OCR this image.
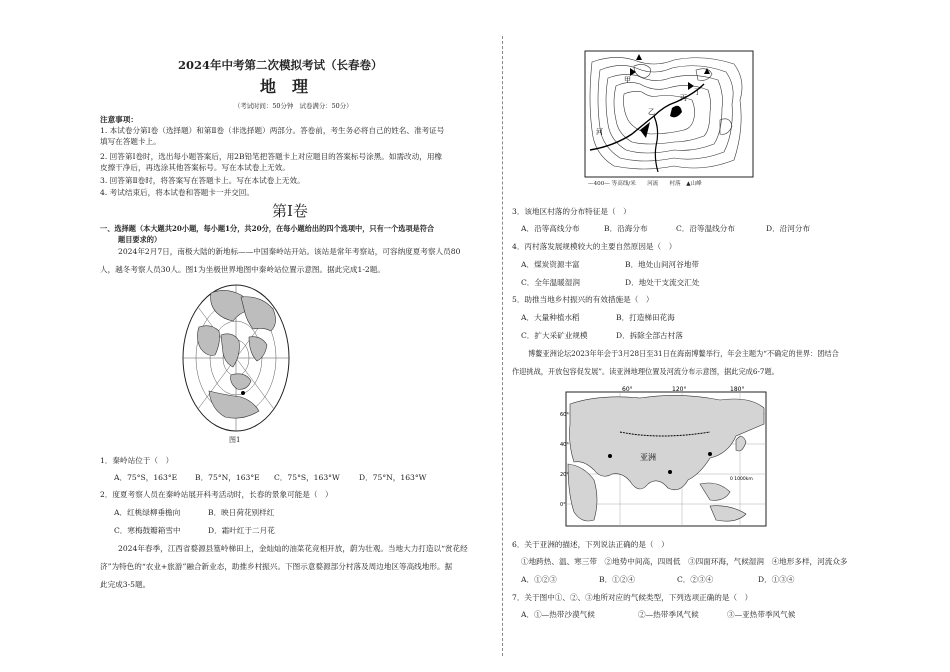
2024年中考第二次模拟考试（长春卷）
地　理
（考试时间：50分钟　试卷满分：50分）
注意事项：
1. 本试卷分第Ⅰ卷（选择题）和第Ⅱ卷（非选择题）两部分。答卷前，考生务必将自己的姓名、准考证号
填写在答题卡上。
2. 回答第Ⅰ卷时，选出每小题答案后，用2B铅笔把答题卡上对应题目的答案标号涂黑。如需改动，用橡
皮擦干净后，再选涂其他答案标号。写在本试卷上无效。
3. 回答第Ⅱ卷时，将答案写在答题卡上。写在本试卷上无效。
4. 考试结束后，将本试卷和答题卡一并交回。
第Ⅰ卷
一、选择题（本大题共20小题，每小题1分，共20分，在每小题给出的四个选项中，只有一个选项是符合
题目要求的）
2024年2月7日，南极大陆的新地标——中国秦岭站开站。该站是常年考察站，可容纳度夏考察人员80
人，越冬考察人员30人。图1为坐极世界地图中秦岭站位置示意图。据此完成1-2题。
图1
1．秦岭站位于（　）
A．75°S，163°E B．75°N，163°E C．75°S，163°W	D．75°N，163°W
2．度夏考察人员在秦岭站展开科考活动时，长春的景象可能是（　）
A．红桃绿柳垂檐向	B．映日荷花别样红
C．寒梅鼓瓣箱雪中	D．霜叶红于二月花
2024年春季，江西省婺源县篁岭梯田上，金灿灿的油菜花竞相开放，蔚为壮观。当地大力打造以“赏花经
济”为特色的“农业+旅游”融合新业态，助推乡村振兴。下图示意婺源部分村落及周边地区等高线地形。据
此完成3-5题。
甲
乙
丙
丁
河
—400— 等高线/米　　河流　　村落　▲山峰
3．该地区村落的分布特征是（　）
A．沿等高线分布	B．沿海分布	C．沿等温线分布	D．沿河分布
4．丙村落发展规模较大的主要自然原因是（　）
A．煤炭资源丰富	B．地处山间河谷地带
C．全年温暖湿润	D．地处干支流交汇处
5．助推当地乡村振兴的有效措施是（　）
A．大量种植水稻	B．打造梯田花海
C．扩大采矿业规模	D．拆除全部古村落
博鳌亚洲论坛2023年年会于3月28日至31日在海南博鳌举行，年会主题为“不确定的世界：团结合
作迎挑战，开放包容促发展”。读亚洲地理位置及河流分布示意图，据此完成6-7题。
60°	120°	180°
60°
40°
20°
0°
亚洲
0 1000km
6．关于亚洲的描述，下列说法正确的是（　）
①地跨热、温、寒三带　②地势中间高，四周低　③四面环海，气候湿润　④地形多样，河流众多
A．①②③	B．①②④	C．②③④	D．①③④
7．关于图中①、②、③地所对应的气候类型，下列选项正确的是（　）
A．①—热带沙漠气候	②—热带季风气候	③—亚热带季风气候
